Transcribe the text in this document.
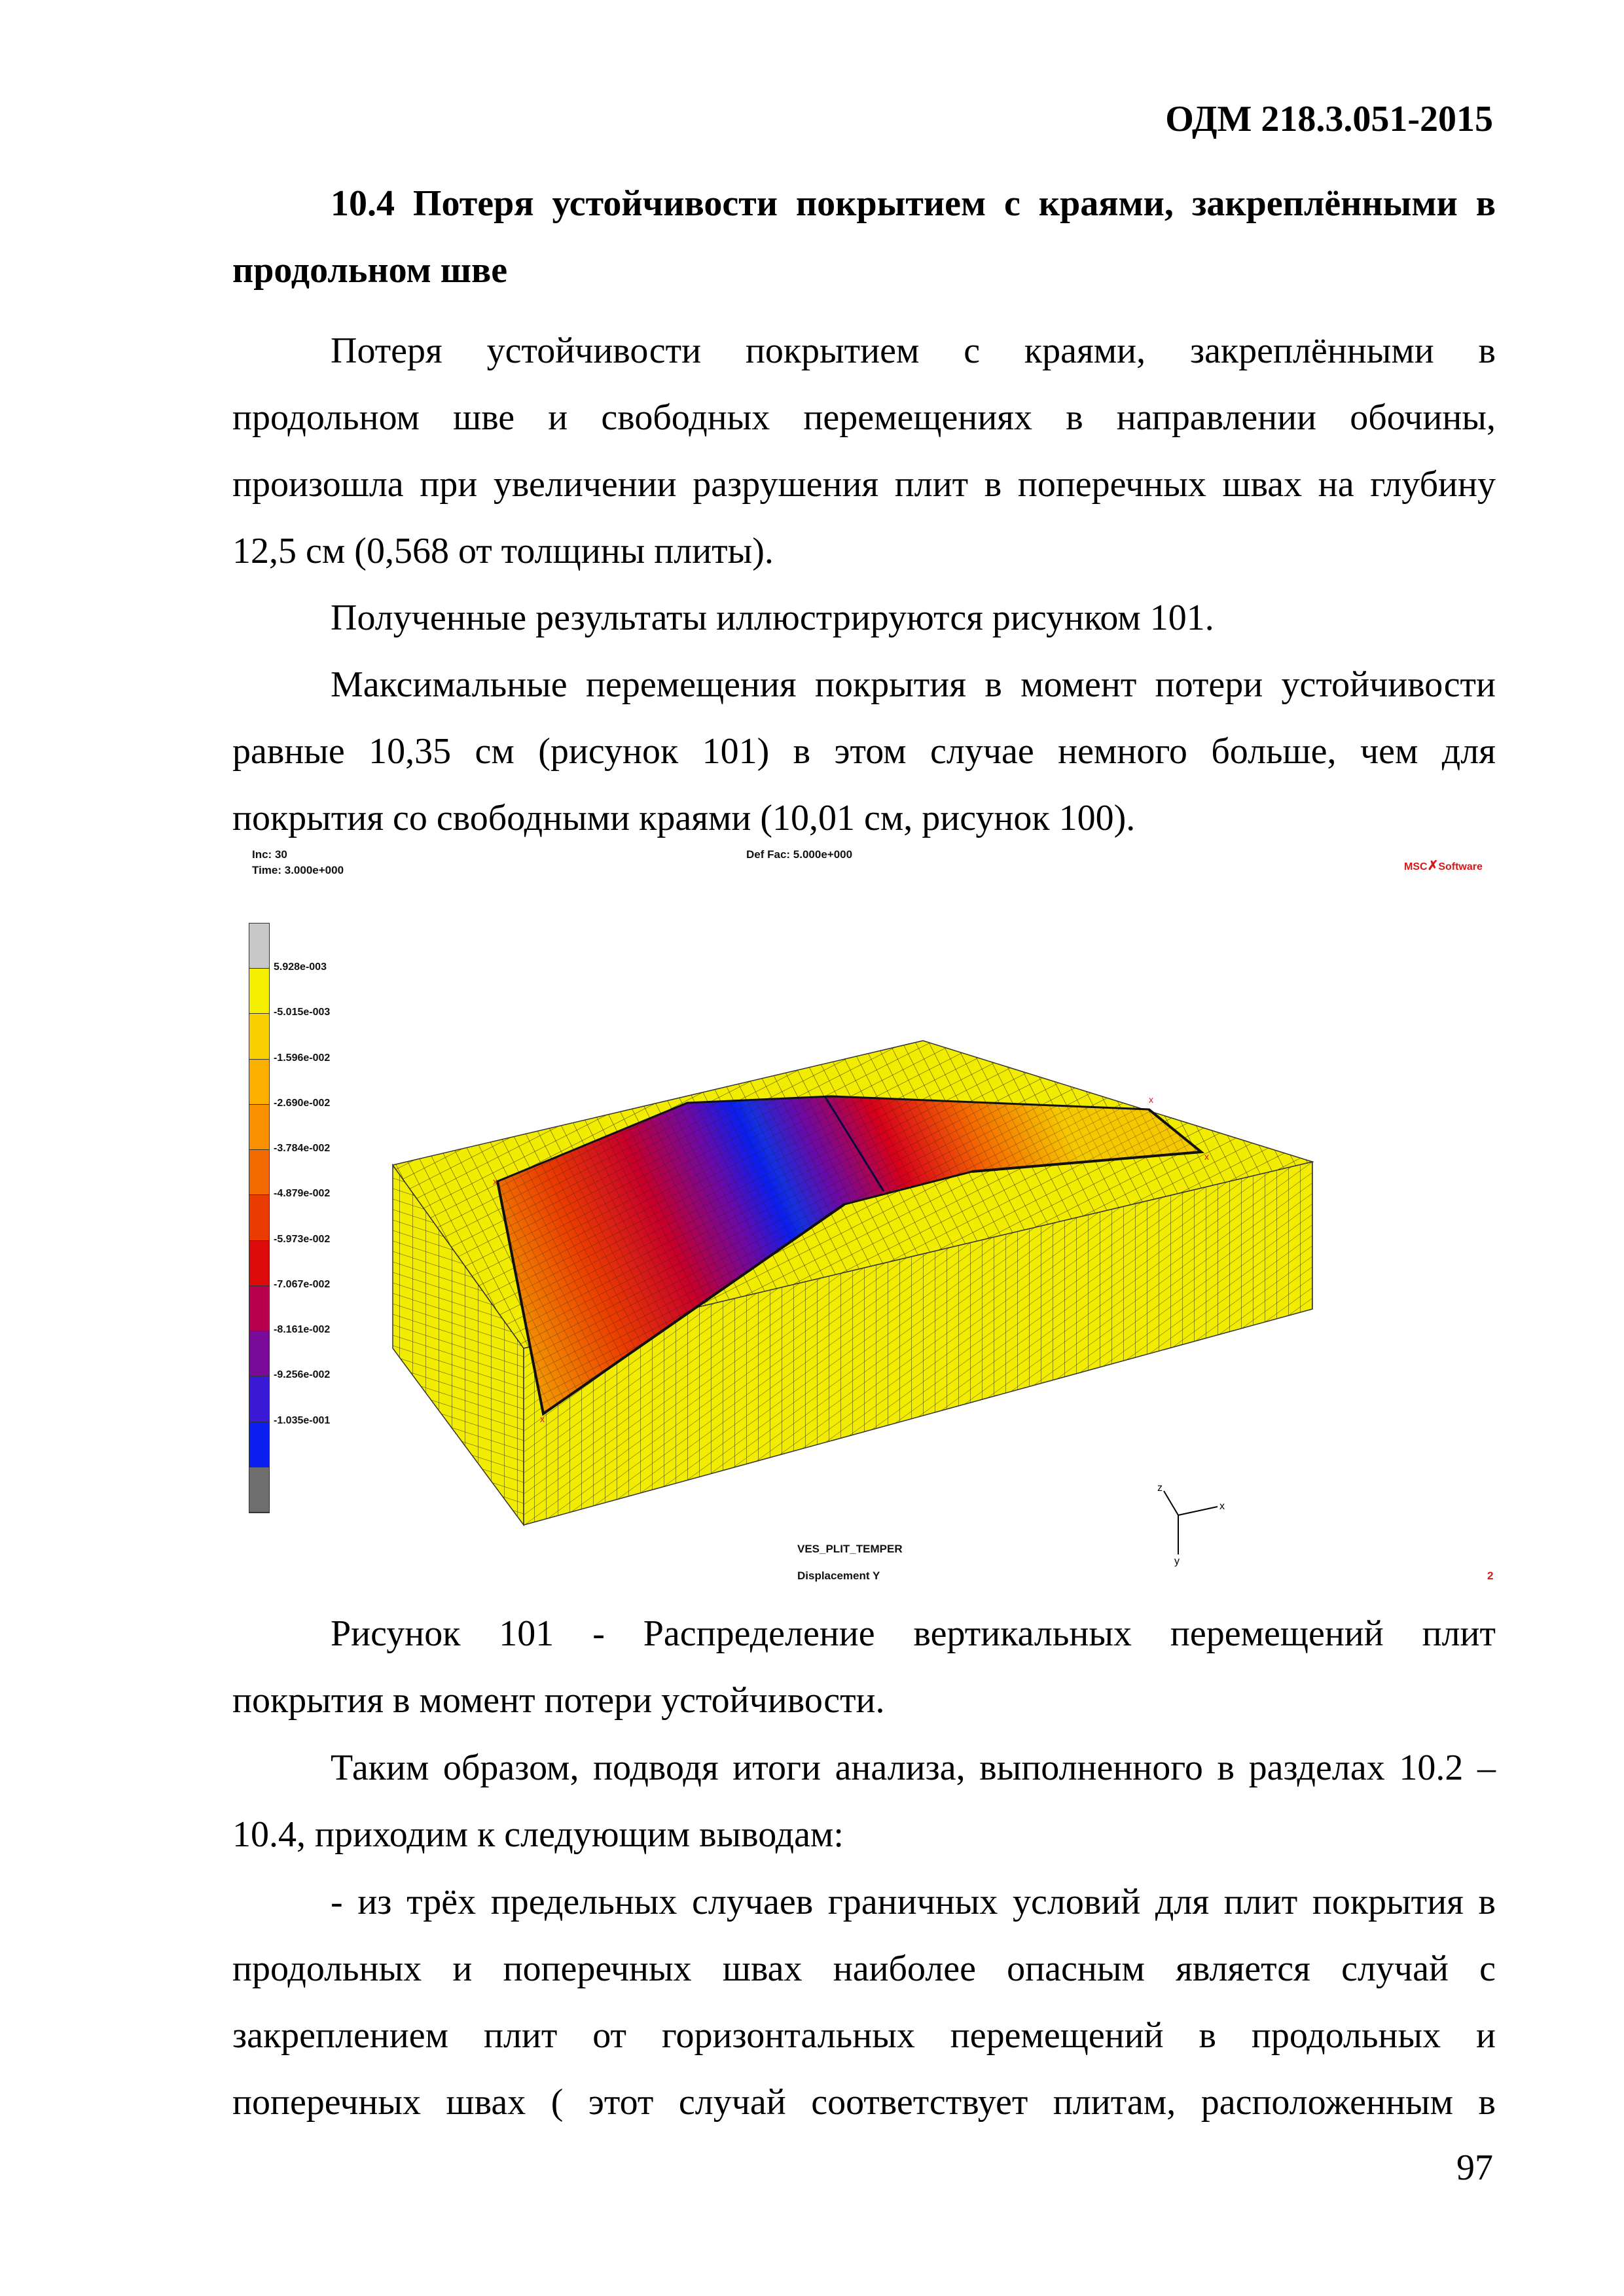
ОДМ 218.3.051-2015
10.4 Потеря устойчивости покрытием с краями, закреплёнными в
продольном шве
Потеря устойчивости покрытием с краями, закреплёнными в
продольном шве и свободных перемещениях в направлении обочины,
произошла при увеличении разрушения плит в поперечных швах на глубину
12,5 см (0,568 от толщины плиты).
Полученные результаты иллюстрируются рисунком 101.
Максимальные перемещения покрытия в момент потери устойчивости
равные 10,35 см (рисунок 101) в этом случае немного больше, чем для
покрытия со свободными краями (10,01 см, рисунок 100).
Inc: 30
Time: 3.000e+000
Def Fac: 5.000e+000
MSC✗Software
5.928e-003
-5.015e-003
-1.596e-002
-2.690e-002
-3.784e-002
-4.879e-002
-5.973e-002
-7.067e-002
-8.161e-002
-9.256e-002
-1.035e-001
x
x
x
x
z
x
y
VES_PLIT_TEMPER
Displacement Y	2
Рисунок 101 - Распределение вертикальных перемещений плит
покрытия в момент потери устойчивости.
Таким образом, подводя итоги анализа, выполненного в разделах 10.2 –
10.4, приходим к следующим выводам:
- из трёх предельных случаев граничных условий для плит покрытия в
продольных и поперечных швах наиболее опасным является случай с
закреплением плит от горизонтальных перемещений в продольных и
поперечных швах ( этот случай соответствует плитам, расположенным в
97
